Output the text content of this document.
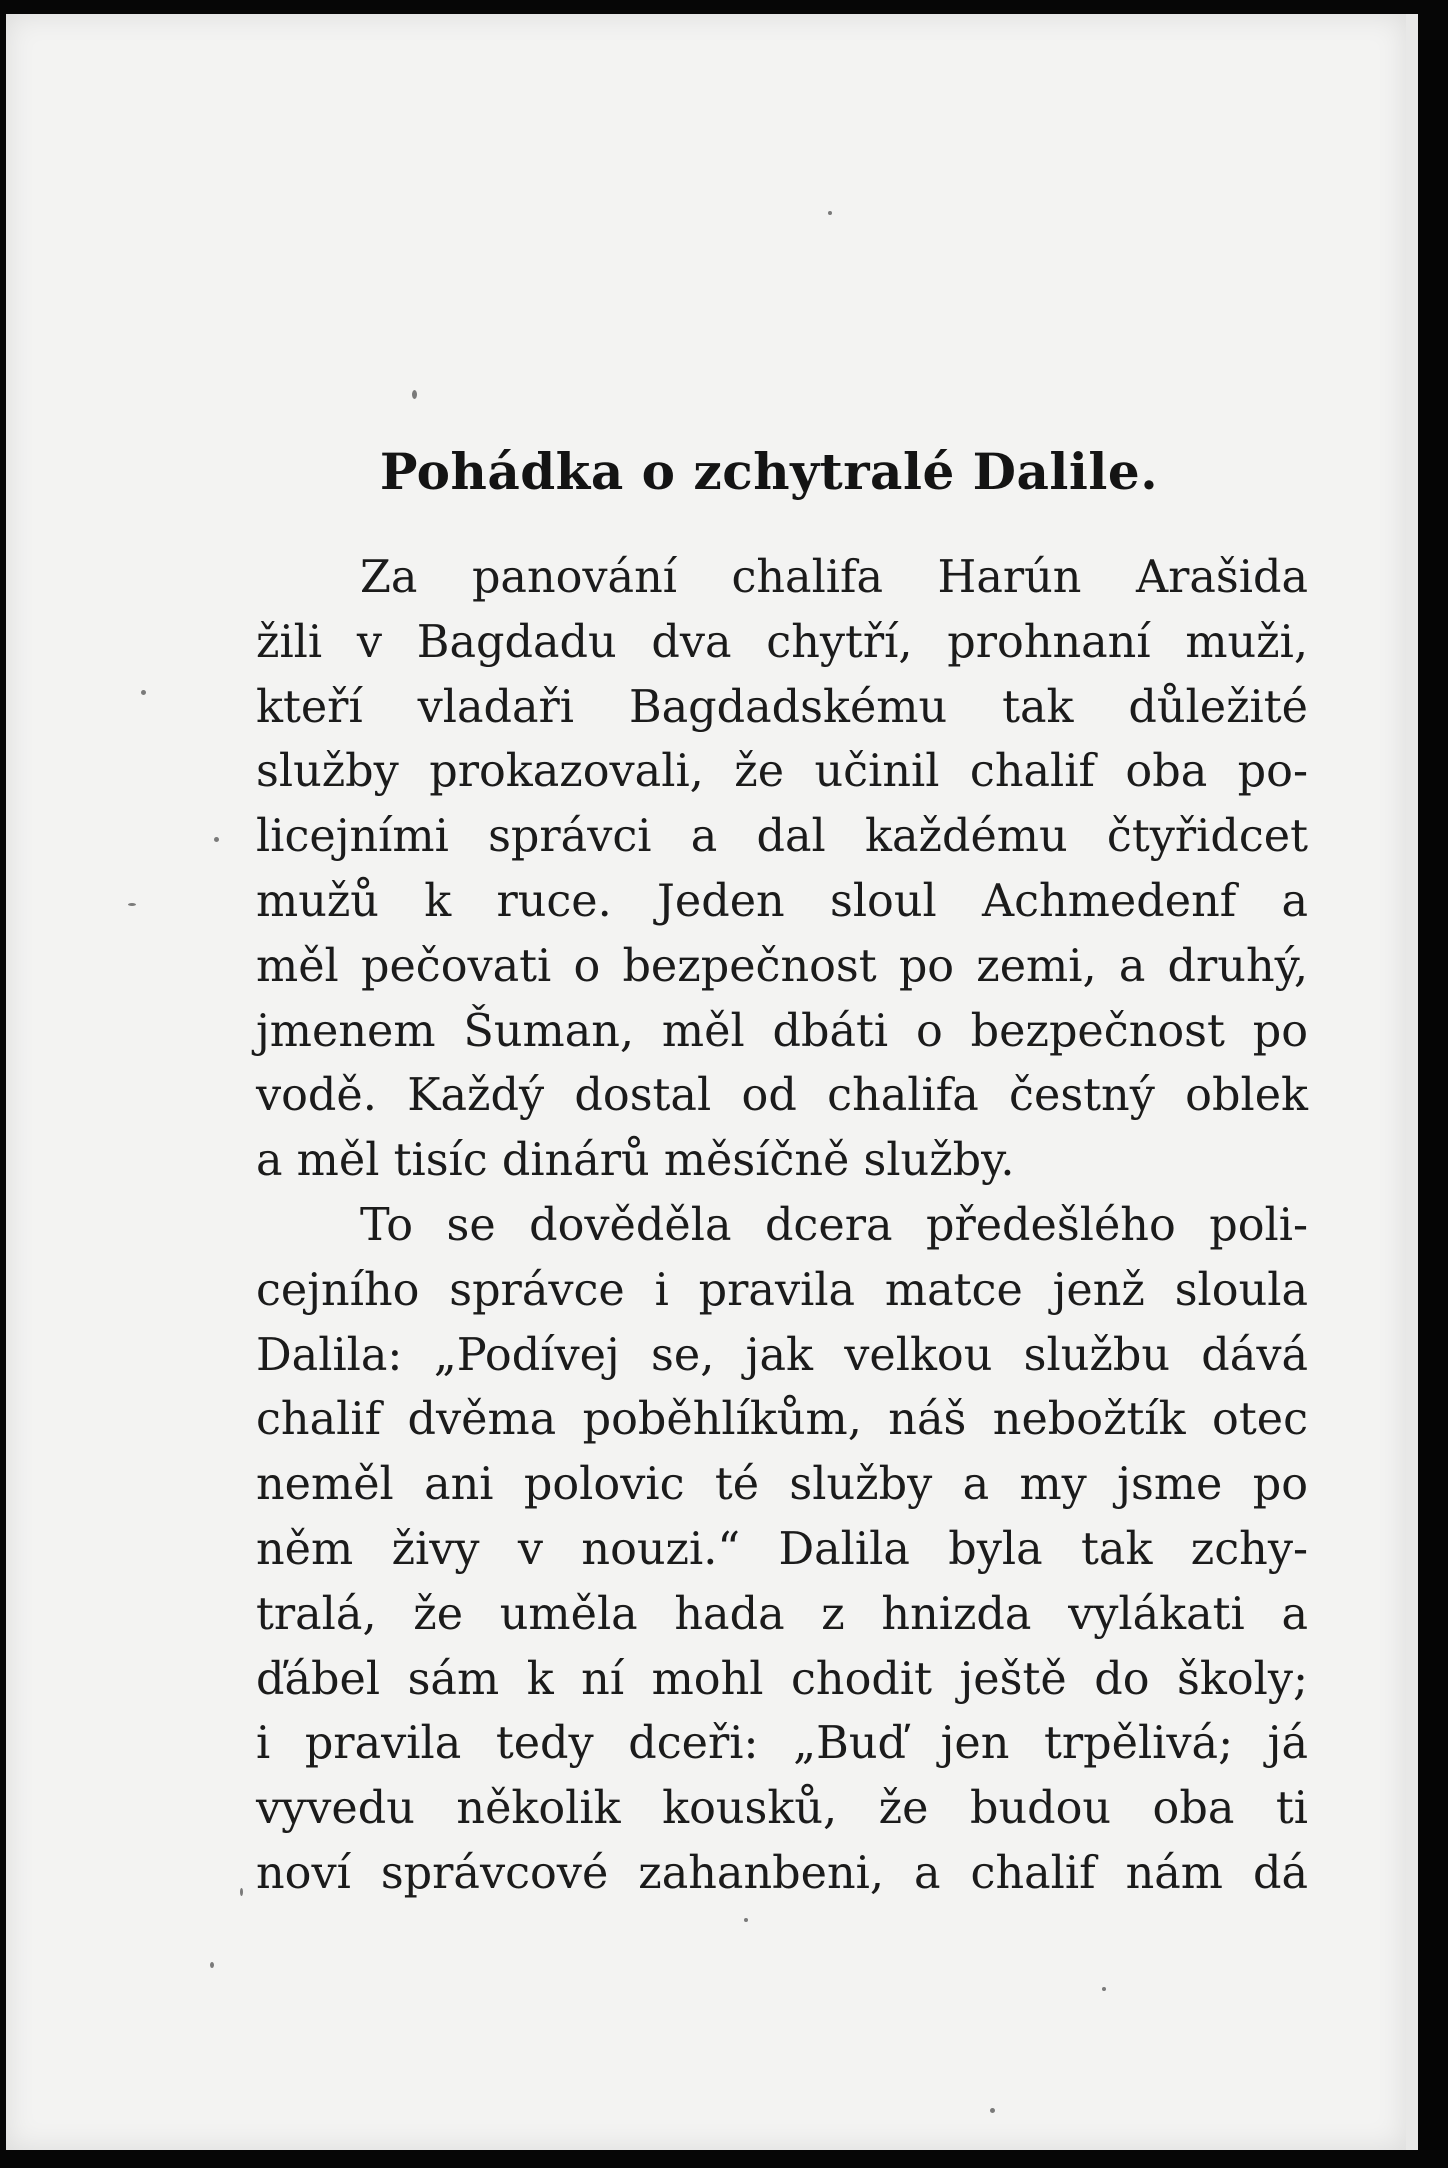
Pohádka o zchytralé Dalile.
Za panování chalifa Harún Arašida
žili v Bagdadu dva chytří, prohnaní muži,
kteří vladaři Bagdadskému tak důležité
služby prokazovali, že učinil chalif oba po-
licejními správci a dal každému čtyřidcet
mužů k ruce. Jeden sloul Achmedenf a
měl pečovati o bezpečnost po zemi, a druhý,
jmenem Šuman, měl dbáti o bezpečnost po
vodě. Každý dostal od chalifa čestný oblek
a měl tisíc dinárů měsíčně služby.
To se dověděla dcera předešlého poli-
cejního správce i pravila matce jenž sloula
Dalila: „Podívej se, jak velkou službu dává
chalif dvěma poběhlíkům, náš nebožtík otec
neměl ani polovic té služby a my jsme po
něm živy v nouzi.“ Dalila byla tak zchy-
tralá, že uměla hada z hnizda vylákati a
ďábel sám k ní mohl chodit ještě do školy;
i pravila tedy dceři: „Buď jen trpělivá; já
vyvedu několik kousků, že budou oba ti
noví správcové zahanbeni, a chalif nám dá
